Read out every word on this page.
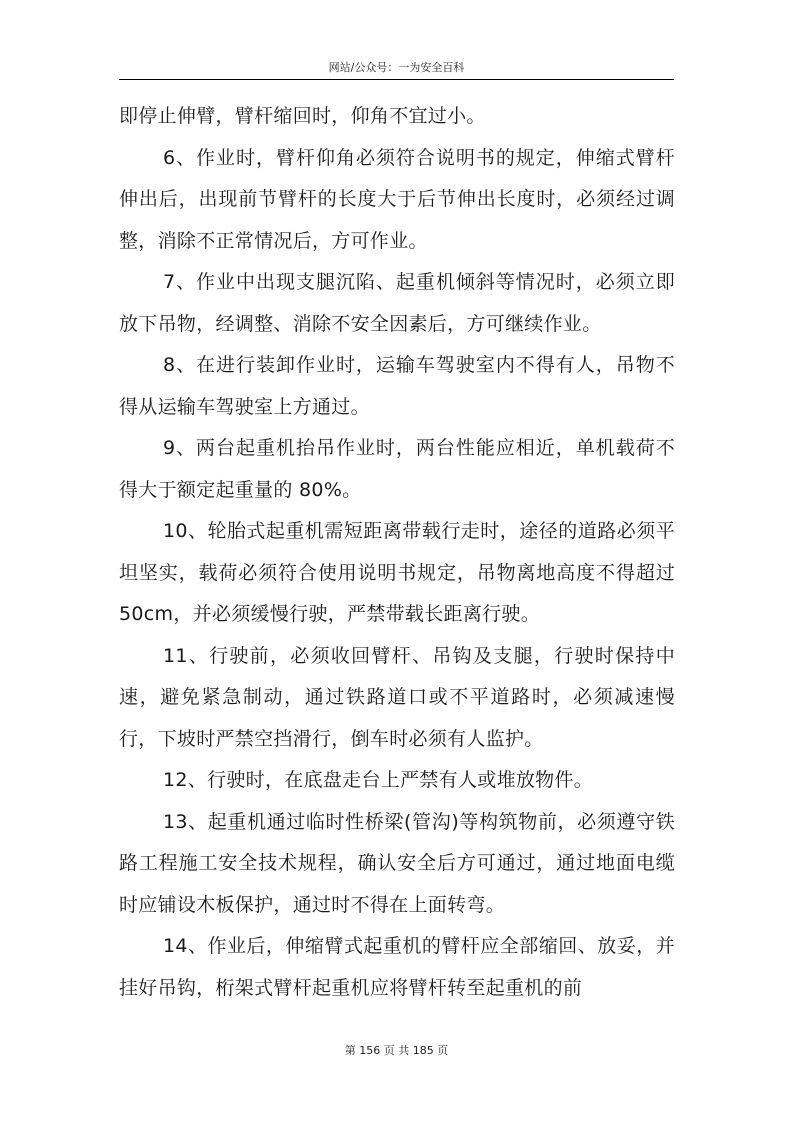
网站/公众号：一为安全百科

即停止伸臂，臂杆缩回时，仰角不宜过小。

6、作业时，臂杆仰角必须符合说明书的规定，伸缩式臂杆伸出后，出现前节臂杆的长度大于后节伸出长度时，必须经过调整，消除不正常情况后，方可作业。

7、作业中出现支腿沉陷、起重机倾斜等情况时，必须立即放下吊物，经调整、消除不安全因素后，方可继续作业。

8、在进行装卸作业时，运输车驾驶室内不得有人，吊物不得从运输车驾驶室上方通过。

9、两台起重机抬吊作业时，两台性能应相近，单机载荷不得大于额定起重量的 80%。

10、轮胎式起重机需短距离带载行走时，途径的道路必须平坦坚实，载荷必须符合使用说明书规定，吊物离地高度不得超过 50cm，并必须缓慢行驶，严禁带载长距离行驶。

11、行驶前，必须收回臂杆、吊钩及支腿，行驶时保持中速，避免紧急制动，通过铁路道口或不平道路时，必须减速慢行，下坡时严禁空挡滑行，倒车时必须有人监护。

12、行驶时，在底盘走台上严禁有人或堆放物件。

13、起重机通过临时性桥梁(管沟)等构筑物前，必须遵守铁路工程施工安全技术规程，确认安全后方可通过，通过地面电缆时应铺设木板保护，通过时不得在上面转弯。

14、作业后，伸缩臂式起重机的臂杆应全部缩回、放妥，并挂好吊钩，桁架式臂杆起重机应将臂杆转至起重机的前

第 156 页 共 185 页
